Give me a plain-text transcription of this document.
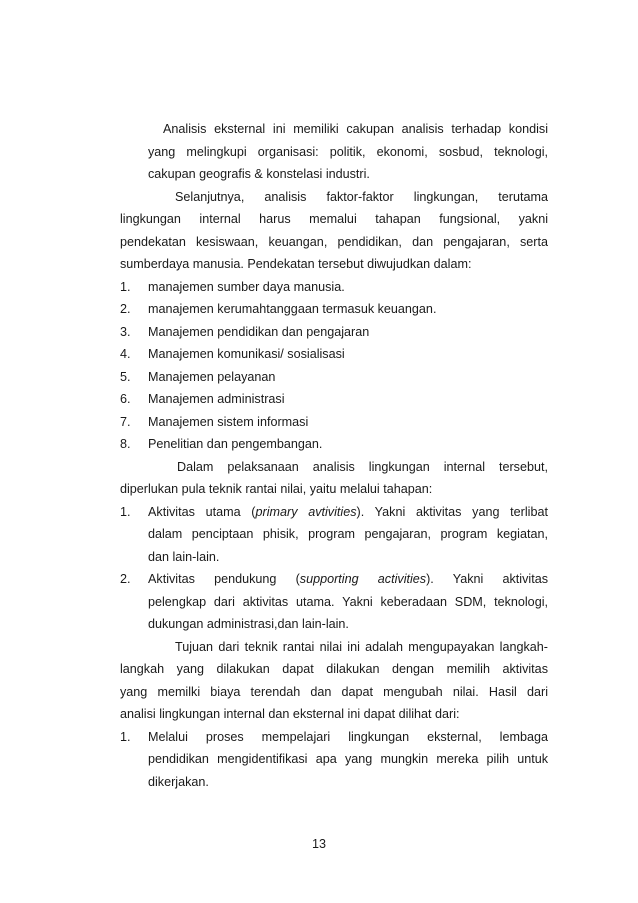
Analisis eksternal ini memiliki cakupan analisis terhadap kondisi
yang melingkupi organisasi: politik, ekonomi, sosbud, teknologi,
cakupan geografis & konstelasi industri.
Selanjutnya, analisis faktor-faktor lingkungan, terutama
lingkungan internal harus memalui tahapan fungsional, yakni
pendekatan kesiswaan, keuangan, pendidikan, dan pengajaran, serta
sumberdaya manusia. Pendekatan tersebut diwujudkan dalam:
1. manajemen sumber daya manusia.
2. manajemen kerumahtanggaan termasuk keuangan.
3. Manajemen pendidikan dan pengajaran
4. Manajemen komunikasi/ sosialisasi
5. Manajemen pelayanan
6. Manajemen administrasi
7. Manajemen sistem informasi
8. Penelitian dan pengembangan.
Dalam pelaksanaan analisis lingkungan internal tersebut,
diperlukan pula teknik rantai nilai, yaitu melalui tahapan:
1. Aktivitas utama (primary avtivities). Yakni aktivitas yang terlibat
dalam penciptaan phisik, program pengajaran, program kegiatan,
dan lain-lain.
2. Aktivitas pendukung (supporting activities). Yakni aktivitas
pelengkap dari aktivitas utama. Yakni keberadaan SDM, teknologi,
dukungan administrasi,dan lain-lain.
Tujuan dari teknik rantai nilai ini adalah mengupayakan langkah-
langkah yang dilakukan dapat dilakukan dengan memilih aktivitas
yang memilki biaya terendah dan dapat mengubah nilai. Hasil dari
analisi lingkungan internal dan eksternal ini dapat dilihat dari:
1. Melalui proses mempelajari lingkungan eksternal, lembaga
pendidikan mengidentifikasi apa yang mungkin mereka pilih untuk
dikerjakan.
13
